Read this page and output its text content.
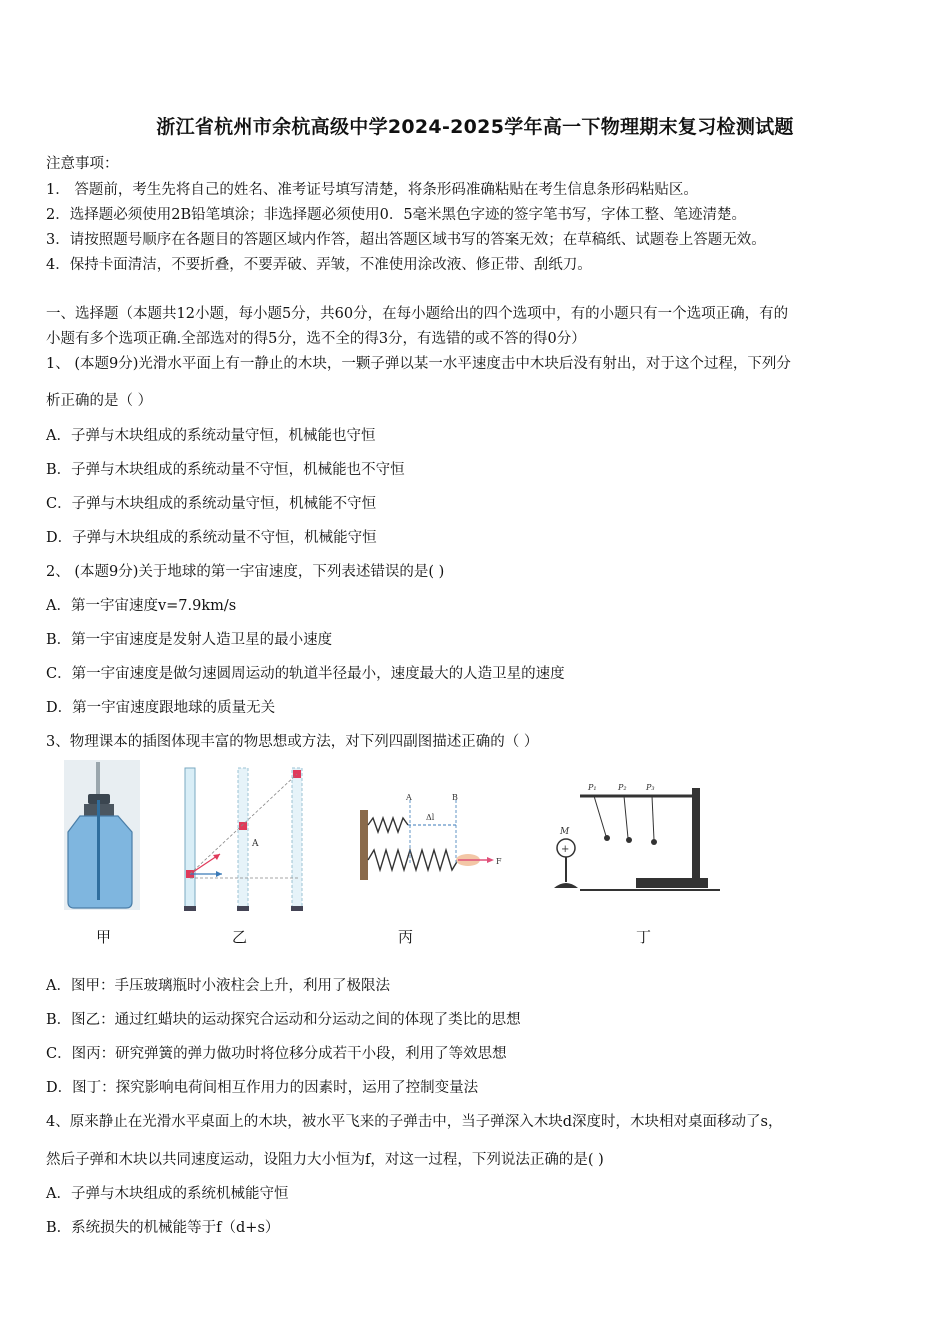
浙江省杭州市余杭高级中学2024-2025学年高一下物理期末复习检测试题
注意事项：
1． 答题前，考生先将自己的姓名、准考证号填写清楚，将条形码准确粘贴在考生信息条形码粘贴区。
2．选择题必须使用2B铅笔填涂；非选择题必须使用0．5毫米黑色字迹的签字笔书写，字体工整、笔迹清楚。
3．请按照题号顺序在各题目的答题区域内作答，超出答题区域书写的答案无效；在草稿纸、试题卷上答题无效。
4．保持卡面清洁，不要折叠，不要弄破、弄皱，不准使用涂改液、修正带、刮纸刀。
一、选择题（本题共12小题，每小题5分，共60分，在每小题给出的四个选项中，有的小题只有一个选项正确，有的
小题有多个选项正确.全部选对的得5分，选不全的得3分，有选错的或不答的得0分）
1、 (本题9分)光滑水平面上有一静止的木块，一颗子弹以某一水平速度击中木块后没有射出，对于这个过程，下列分
析正确的是（ ）
A．子弹与木块组成的系统动量守恒，机械能也守恒
B．子弹与木块组成的系统动量不守恒，机械能也不守恒
C．子弹与木块组成的系统动量守恒，机械能不守恒
D．子弹与木块组成的系统动量不守恒，机械能守恒
2、 (本题9分)关于地球的第一宇宙速度，下列表述错误的是( )
A．第一宇宙速度v=7.9km/s
B．第一宇宙速度是发射人造卫星的最小速度
C．第一宇宙速度是做匀速圆周运动的轨道半径最小，速度最大的人造卫星的速度
D．第一宇宙速度跟地球的质量无关
3、物理课本的插图体现丰富的物思想或方法，对下列四副图描述正确的（ ）
A
A	B
Δl
F
+
M
P₁	P₂ P₃
甲	乙	丙	丁
A．图甲：手压玻璃瓶时小液柱会上升，利用了极限法
B．图乙：通过红蜡块的运动探究合运动和分运动之间的体现了类比的思想
C．图丙：研究弹簧的弹力做功时将位移分成若干小段，利用了等效思想
D．图丁：探究影响电荷间相互作用力的因素时，运用了控制变量法
4、原来静止在光滑水平桌面上的木块，被水平飞来的子弹击中，当子弹深入木块d深度时，木块相对桌面移动了s，
然后子弹和木块以共同速度运动，设阻力大小恒为f，对这一过程，下列说法正确的是( )
A．子弹与木块组成的系统机械能守恒
B．系统损失的机械能等于f（d+s）
